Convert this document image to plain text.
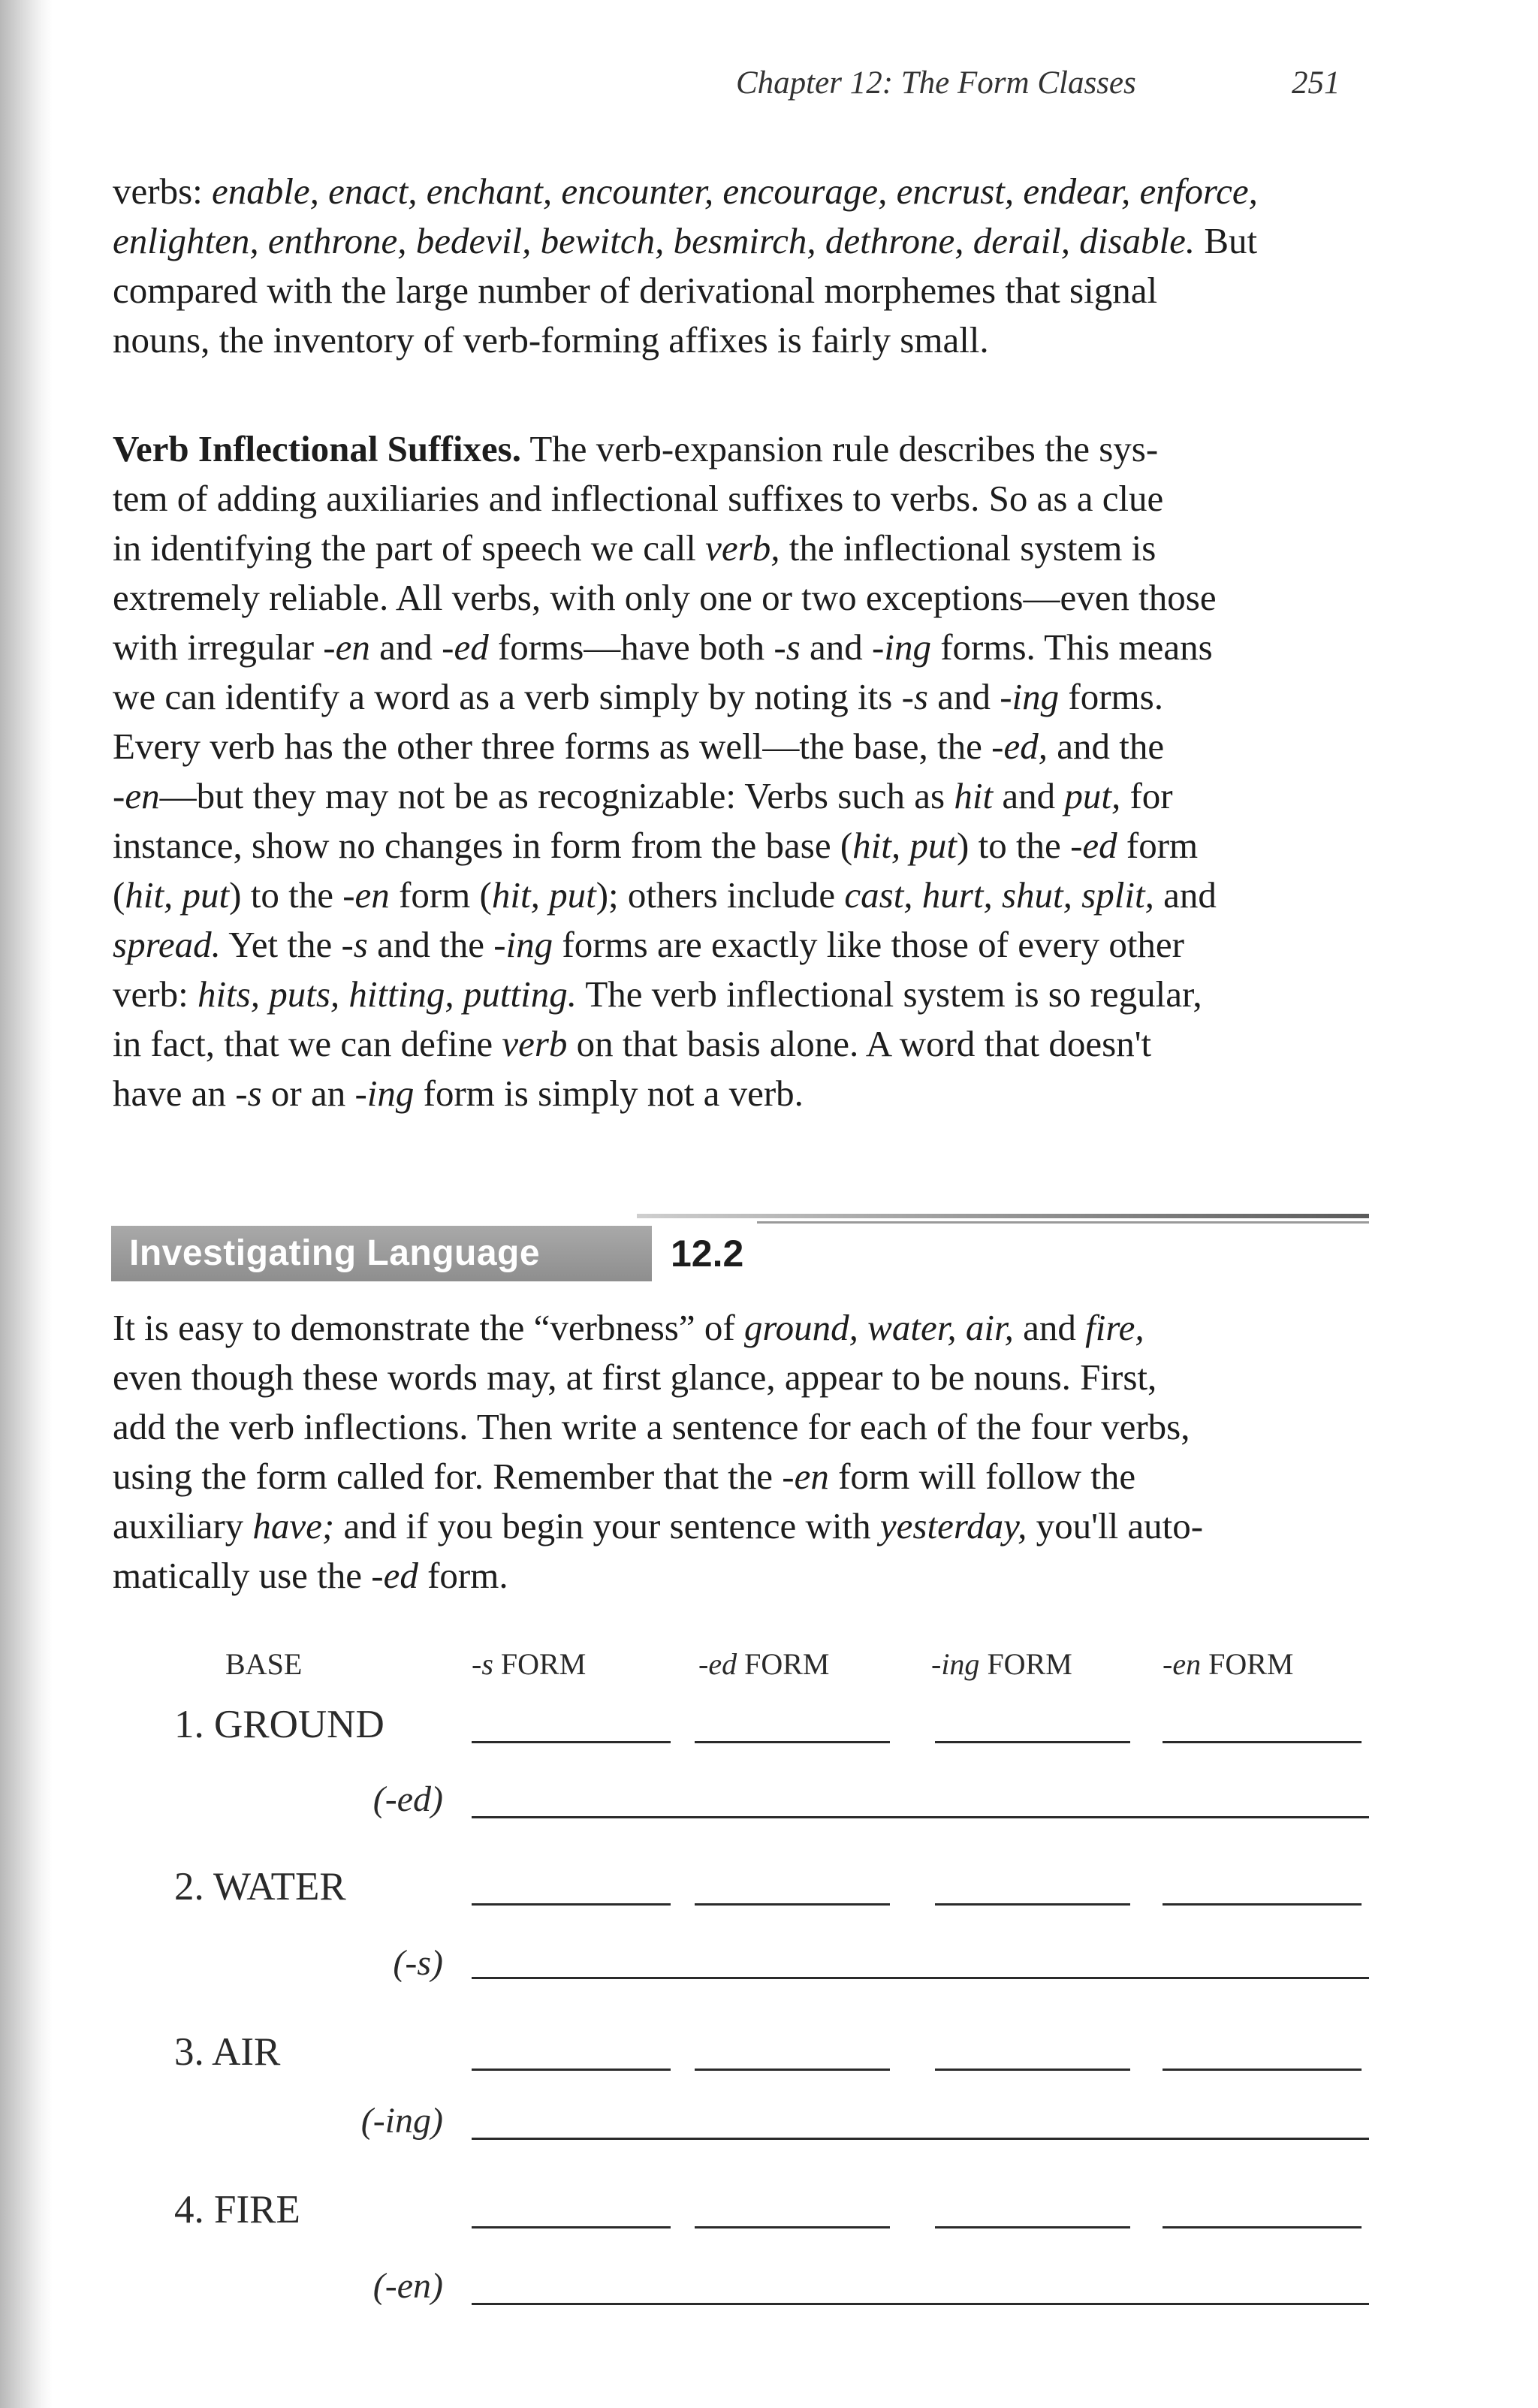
Chapter 12: The Form Classes	251
verbs: enable, enact, enchant, encounter, encourage, encrust, endear, enforce,
enlighten, enthrone, bedevil, bewitch, besmirch, dethrone, derail, disable. But
compared with the large number of derivational morphemes that signal
nouns, the inventory of verb-forming affixes is fairly small.
Verb Inflectional Suffixes. The verb-expansion rule describes the sys-
tem of adding auxiliaries and inflectional suffixes to verbs. So as a clue
in identifying the part of speech we call verb, the inflectional system is
extremely reliable. All verbs, with only one or two exceptions—even those
with irregular -en and -ed forms—have both -s and -ing forms. This means
we can identify a word as a verb simply by noting its -s and -ing forms.
Every verb has the other three forms as well—the base, the -ed, and the
-en—but they may not be as recognizable: Verbs such as hit and put, for
instance, show no changes in form from the base (hit, put) to the -ed form
(hit, put) to the -en form (hit, put); others include cast, hurt, shut, split, and
spread. Yet the -s and the -ing forms are exactly like those of every other
verb: hits, puts, hitting, putting. The verb inflectional system is so regular,
in fact, that we can define verb on that basis alone. A word that doesn't
have an -s or an -ing form is simply not a verb.
Investigating Language	12.2
It is easy to demonstrate the “verbness” of ground, water, air, and fire,
even though these words may, at first glance, appear to be nouns. First,
add the verb inflections. Then write a sentence for each of the four verbs,
using the form called for. Remember that the -en form will follow the
auxiliary have; and if you begin your sentence with yesterday, you'll auto-
matically use the -ed form.
BASE	-s FORM	-ed FORM	-ing FORM	-en FORM
1. GROUND
(-ed)
2. WATER
(-s)
3. AIR
(-ing)
4. FIRE
(-en)
